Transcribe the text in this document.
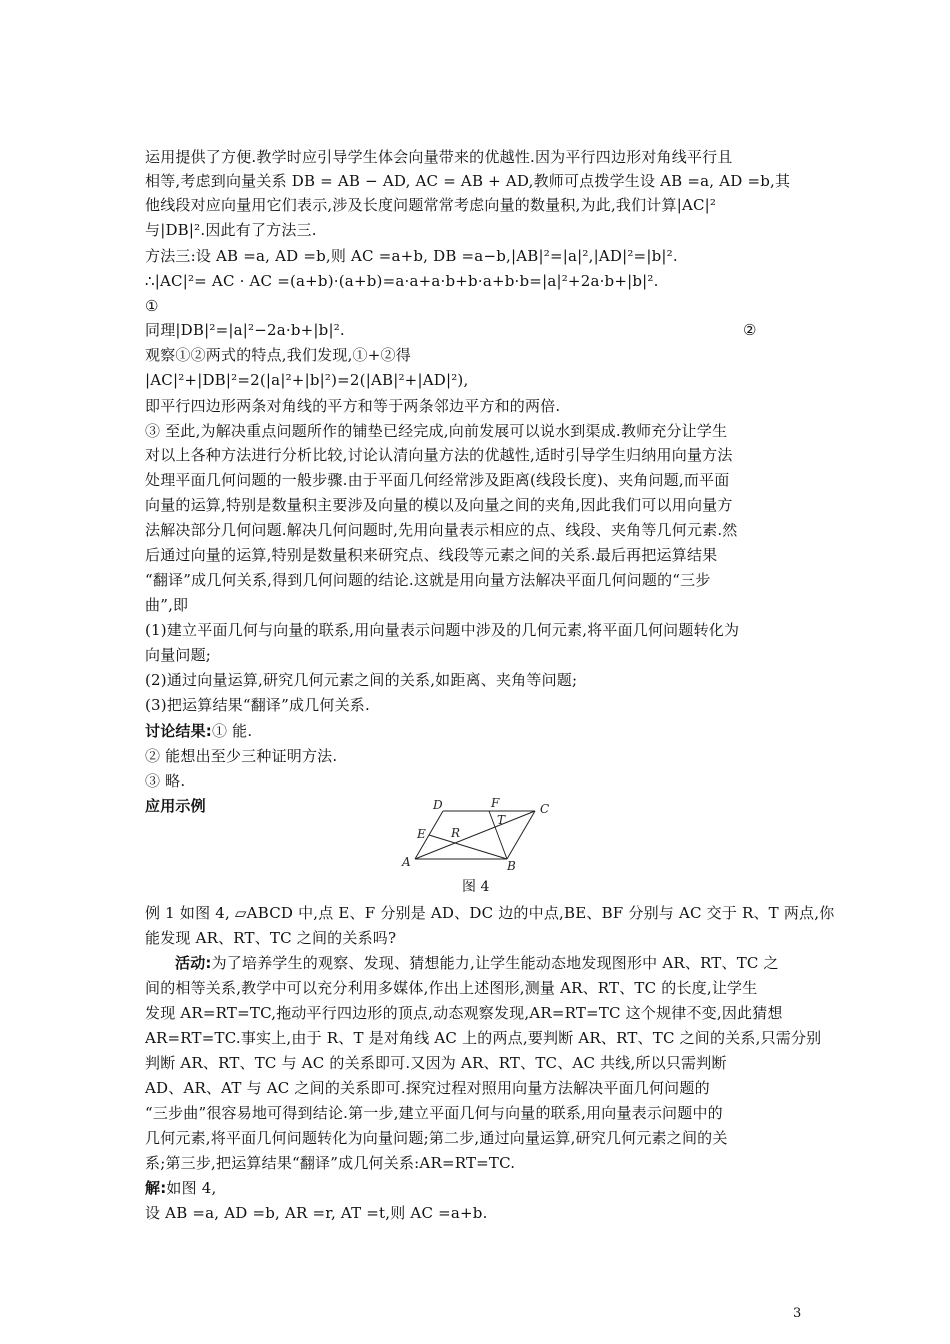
运用提供了方便.教学时应引导学生体会向量带来的优越性.因为平行四边形对角线平行且
相等,考虑到向量关系 DB = AB − AD, AC = AB + AD,教师可点拨学生设 AB =a, AD =b,其
他线段对应向量用它们表示,涉及长度问题常常考虑向量的数量积,为此,我们计算|AC|²
与|DB|².因此有了方法三.
方法三:设 AB =a, AD =b,则 AC =a+b, DB =a−b,|AB|²=|a|²,|AD|²=|b|².
∴|AC|²= AC · AC =(a+b)·(a+b)=a·a+a·b+b·a+b·b=|a|²+2a·b+|b|².
①
同理|DB|²=|a|²−2a·b+|b|².	②
观察①②两式的特点,我们发现,①+②得
|AC|²+|DB|²=2(|a|²+|b|²)=2(|AB|²+|AD|²),
即平行四边形两条对角线的平方和等于两条邻边平方和的两倍.
③ 至此,为解决重点问题所作的铺垫已经完成,向前发展可以说水到渠成.教师充分让学生
对以上各种方法进行分析比较,讨论认清向量方法的优越性,适时引导学生归纳用向量方法
处理平面几何问题的一般步骤.由于平面几何经常涉及距离(线段长度)、夹角问题,而平面
向量的运算,特别是数量积主要涉及向量的模以及向量之间的夹角,因此我们可以用向量方
法解决部分几何问题.解决几何问题时,先用向量表示相应的点、线段、夹角等几何元素.然
后通过向量的运算,特别是数量积来研究点、线段等元素之间的关系.最后再把运算结果
“翻译”成几何关系,得到几何问题的结论.这就是用向量方法解决平面几何问题的“三步
曲”,即
(1)建立平面几何与向量的联系,用向量表示问题中涉及的几何元素,将平面几何问题转化为
向量问题;
(2)通过向量运算,研究几何元素之间的关系,如距离、夹角等问题;
(3)把运算结果“翻译”成几何关系.
讨论结果:① 能.
② 能想出至少三种证明方法.
③ 略.
应用示例	D	F	C
T
E R
A	B
图 4
例 1 如图 4, ▱ABCD 中,点 E、F 分别是 AD、DC 边的中点,BE、BF 分别与 AC 交于 R、T 两点,你
能发现 AR、RT、TC 之间的关系吗?
活动:为了培养学生的观察、发现、猜想能力,让学生能动态地发现图形中 AR、RT、TC 之
间的相等关系,教学中可以充分利用多媒体,作出上述图形,测量 AR、RT、TC 的长度,让学生
发现 AR=RT=TC,拖动平行四边形的顶点,动态观察发现,AR=RT=TC 这个规律不变,因此猜想
AR=RT=TC.事实上,由于 R、T 是对角线 AC 上的两点,要判断 AR、RT、TC 之间的关系,只需分别
判断 AR、RT、TC 与 AC 的关系即可.又因为 AR、RT、TC、AC 共线,所以只需判断
AD、AR、AT 与 AC 之间的关系即可.探究过程对照用向量方法解决平面几何问题的
“三步曲”很容易地可得到结论.第一步,建立平面几何与向量的联系,用向量表示问题中的
几何元素,将平面几何问题转化为向量问题;第二步,通过向量运算,研究几何元素之间的关
系;第三步,把运算结果“翻译”成几何关系:AR=RT=TC.
解:如图 4,
设 AB =a, AD =b, AR =r, AT =t,则 AC =a+b.
3
